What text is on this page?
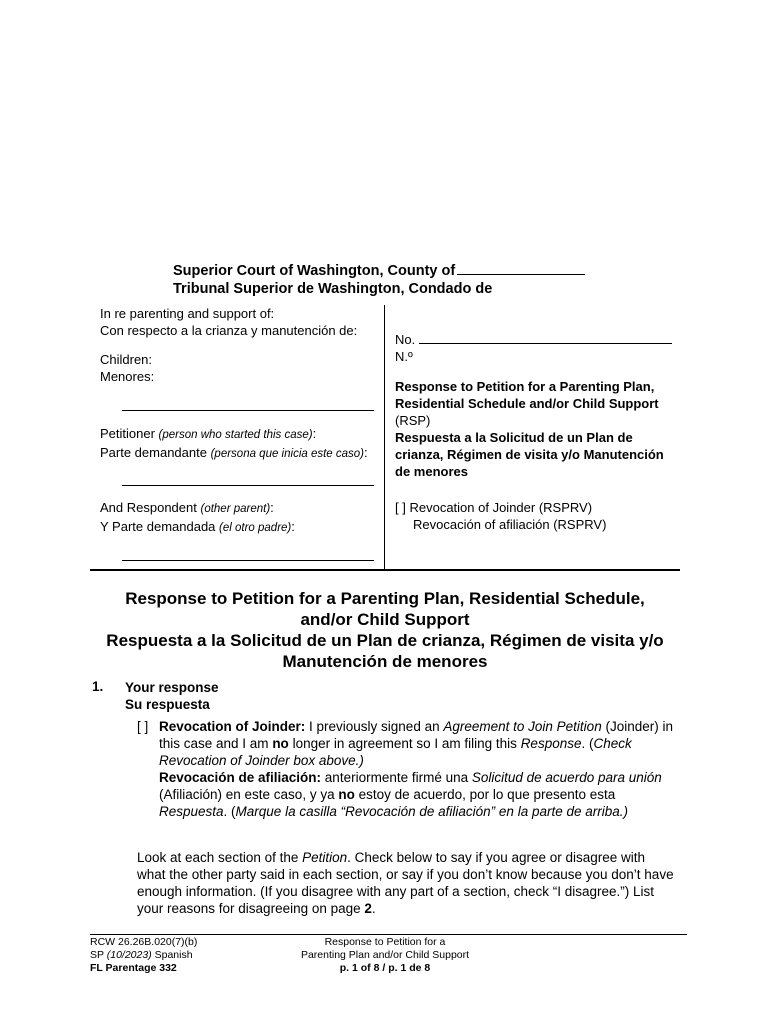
Superior Court of Washington, County of
Tribunal Superior de Washington, Condado de
In re parenting and support of:
Con respecto a la crianza y manutención de:
Children:
Menores:
Petitioner (person who started this case):
Parte demandante (persona que inicia este caso):
And Respondent (other parent):
Y Parte demandada (el otro padre):
No.
N.º
Response to Petition for a Parenting Plan, Residential Schedule and/or Child Support
(RSP)
Respuesta a la Solicitud de un Plan de crianza, Régimen de visita y/o Manutención de menores
[ ] Revocation of Joinder (RSPRV)
Revocación of afiliación (RSPRV)
Response to Petition for a Parenting Plan, Residential Schedule,
and/or Child Support
Respuesta a la Solicitud de un Plan de crianza, Régimen de visita y/o
Manutención de menores
1. Your response
Su respuesta
[ ] Revocation of Joinder: I previously signed an Agreement to Join Petition (Joinder) in this case and I am no longer in agreement so I am filing this Response. (Check Revocation of Joinder box above.)
Revocación de afiliación: anteriormente firmé una Solicitud de acuerdo para unión (Afiliación) en este caso, y ya no estoy de acuerdo, por lo que presento esta Respuesta. (Marque la casilla “Revocación de afiliación” en la parte de arriba.)
Look at each section of the Petition. Check below to say if you agree or disagree with what the other party said in each section, or say if you don’t know because you don’t have enough information. (If you disagree with any part of a section, check “I disagree.”) List your reasons for disagreeing on page 2.
RCW 26.26B.020(7)(b)
SP (10/2023) Spanish
FL Parentage 332
Response to Petition for a
Parenting Plan and/or Child Support
p. 1 of 8 / p. 1 de 8
